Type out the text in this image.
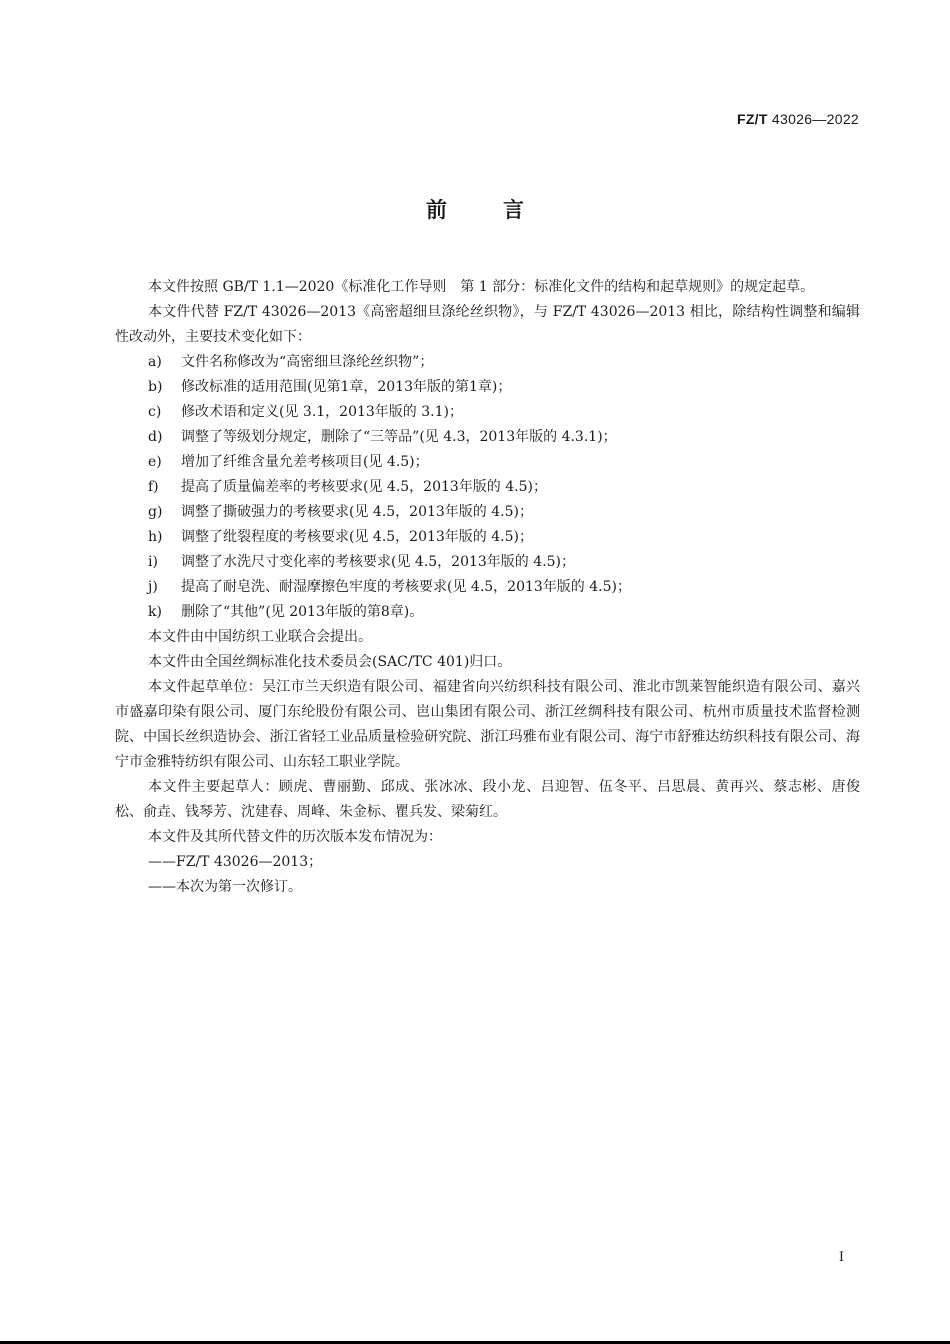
FZ/T 43026—2022
前言

本文件按照 GB/T 1.1—2020《标准化工作导则　第 1 部分：标准化文件的结构和起草规则》的规定起草。

本文件代替 FZ/T 43026—2013《高密超细旦涤纶丝织物》，与 FZ/T 43026—2013 相比，除结构性调整和编辑性改动外，主要技术变化如下：

a)	文件名称修改为“高密细旦涤纶丝织物”；

b)	修改标准的适用范围(见第1章，2013年版的第1章)；

c)	修改术语和定义(见 3.1，2013年版的 3.1)；

d)	调整了等级划分规定，删除了“三等品”(见 4.3，2013年版的 4.3.1)；

e)	增加了纤维含量允差考核项目(见 4.5)；

f)	提高了质量偏差率的考核要求(见 4.5，2013年版的 4.5)；

g)	调整了撕破强力的考核要求(见 4.5，2013年版的 4.5)；

h)	调整了纰裂程度的考核要求(见 4.5，2013年版的 4.5)；

i)	调整了水洗尺寸变化率的考核要求(见 4.5，2013年版的 4.5)；

j)	提高了耐皂洗、耐湿摩擦色牢度的考核要求(见 4.5，2013年版的 4.5)；

k)	删除了“其他”(见 2013年版的第8章)。

本文件由中国纺织工业联合会提出。

本文件由全国丝绸标准化技术委员会(SAC/TC 401)归口。

本文件起草单位：吴江市兰天织造有限公司、福建省向兴纺织科技有限公司、淮北市凯莱智能织造有限公司、嘉兴市盛嘉印染有限公司、厦门东纶股份有限公司、岜山集团有限公司、浙江丝绸科技有限公司、杭州市质量技术监督检测院、中国长丝织造协会、浙江省轻工业品质量检验研究院、浙江玛雅布业有限公司、海宁市舒雅达纺织科技有限公司、海宁市金雅特纺织有限公司、山东轻工职业学院。

本文件主要起草人：顾虎、曹丽勤、邱成、张冰冰、段小龙、吕迎智、伍冬平、吕思晨、黄再兴、蔡志彬、唐俊松、俞垚、钱琴芳、沈建春、周峰、朱金标、瞿兵发、梁菊红。

本文件及其所代替文件的历次版本发布情况为：

——FZ/T 43026—2013；

——本次为第一次修订。

I
